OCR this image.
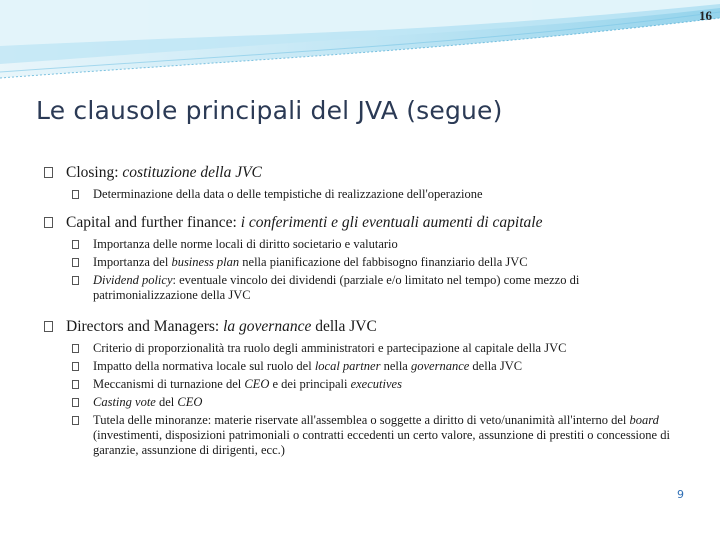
16
Le clausole principali del JVA (segue)
Closing: costituzione della JVC
Determinazione della data o delle tempistiche di realizzazione dell'operazione
Capital and further finance: i conferimenti e gli eventuali aumenti di capitale
Importanza delle norme locali di diritto societario e valutario
Importanza del business plan nella pianificazione del fabbisogno finanziario della JVC
Dividend policy: eventuale vincolo dei dividendi (parziale e/o limitato nel tempo) come mezzo di patrimonializzazione della JVC
Directors and Managers: la governance della JVC
Criterio di proporzionalità tra ruolo degli amministratori e partecipazione al capitale della JVC
Impatto della normativa locale sul ruolo del local partner nella governance della JVC
Meccanismi di turnazione del CEO e dei principali executives
Casting vote del CEO
Tutela delle minoranze: materie riservate all'assemblea o soggette a diritto di veto/unanimità all'interno del board (investimenti, disposizioni patrimoniali o contratti eccedenti un certo valore, assunzione di prestiti o concessione di garanzie, assunzione di dirigenti, ecc.)
9
